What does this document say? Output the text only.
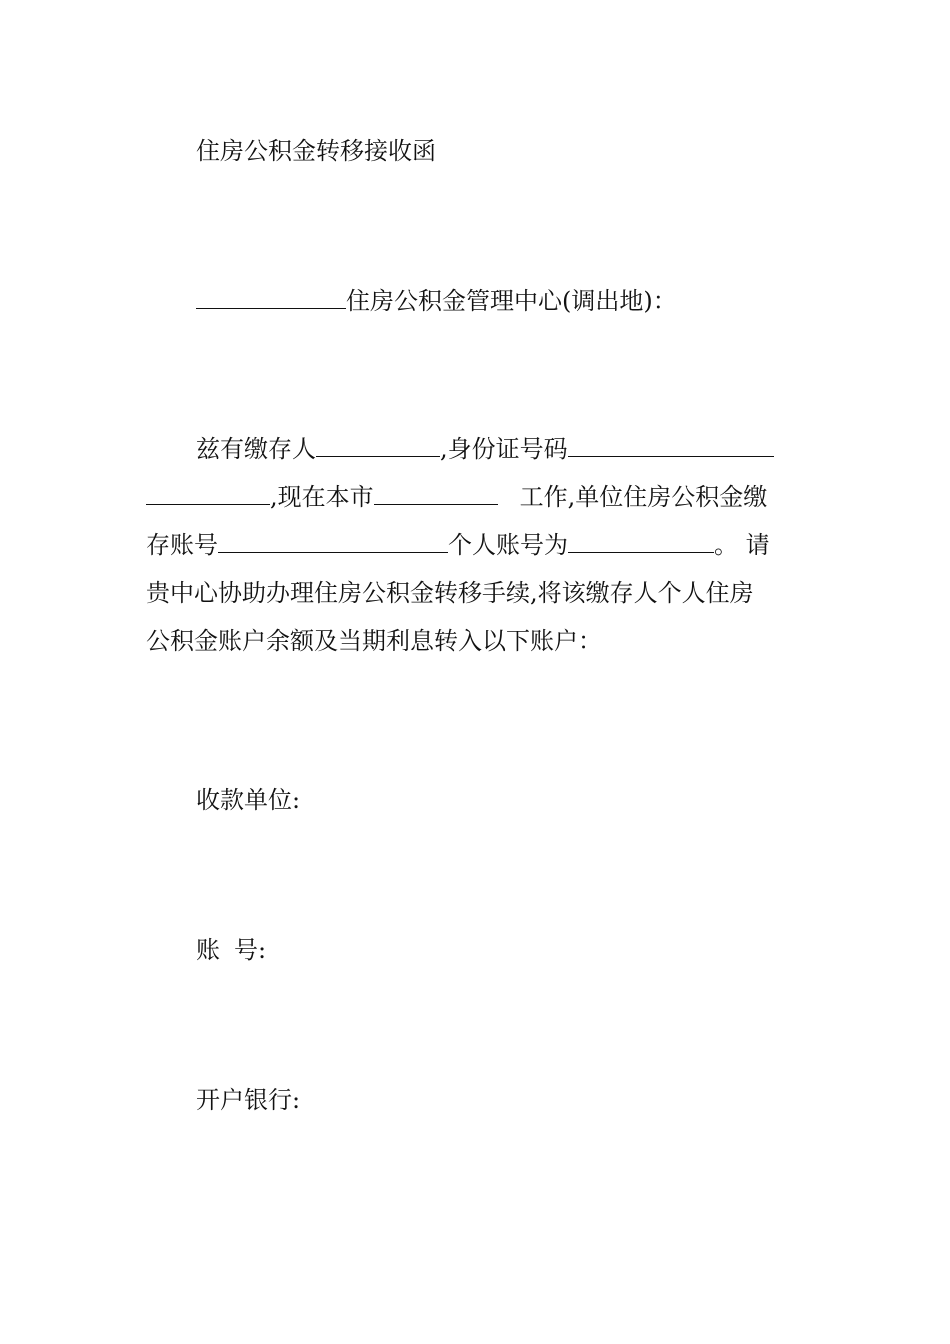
住房公积金转移接收函
住房公积金管理中心(调出地)：
兹有缴存人	,身份证号码
,现在本市	工作,单位住房公积金缴
存账号	个人账号为	。 请
贵中心协助办理住房公积金转移手续,将该缴存人个人住房
公积金账户余额及当期利息转入以下账户：
收款单位:
账 号:
开户银行:
